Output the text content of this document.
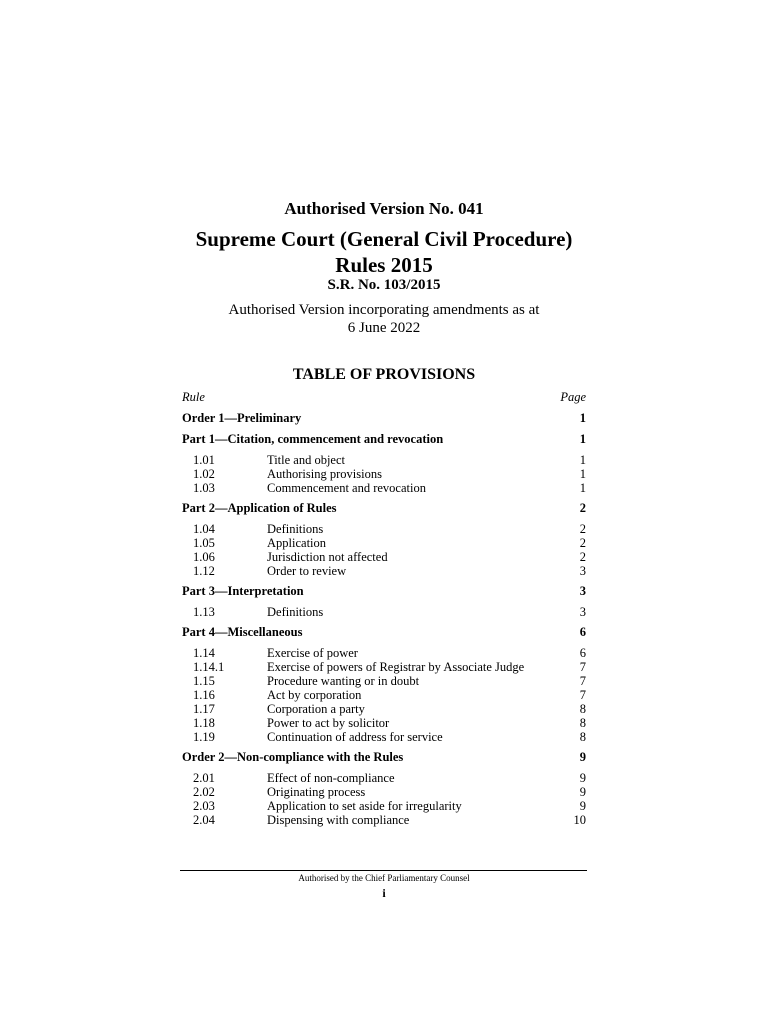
Authorised Version No. 041
Supreme Court (General Civil Procedure)
Rules 2015
S.R. No. 103/2015
Authorised Version incorporating amendments as at
6 June 2022
TABLE OF PROVISIONS
Rule	Page
Order 1—Preliminary	1
Part 1—Citation, commencement and revocation	1
1.01	Title and object	1
1.02	Authorising provisions	1
1.03	Commencement and revocation	1
Part 2—Application of Rules	2
1.04	Definitions	2
1.05	Application	2
1.06	Jurisdiction not affected	2
1.12	Order to review	3
Part 3—Interpretation	3
1.13	Definitions	3
Part 4—Miscellaneous	6
1.14	Exercise of power	6
1.14.1	Exercise of powers of Registrar by Associate Judge	7
1.15	Procedure wanting or in doubt	7
1.16	Act by corporation	7
1.17	Corporation a party	8
1.18	Power to act by solicitor	8
1.19	Continuation of address for service	8
Order 2—Non-compliance with the Rules	9
2.01	Effect of non-compliance	9
2.02	Originating process	9
2.03	Application to set aside for irregularity	9
2.04	Dispensing with compliance	10
Authorised by the Chief Parliamentary Counsel
i
